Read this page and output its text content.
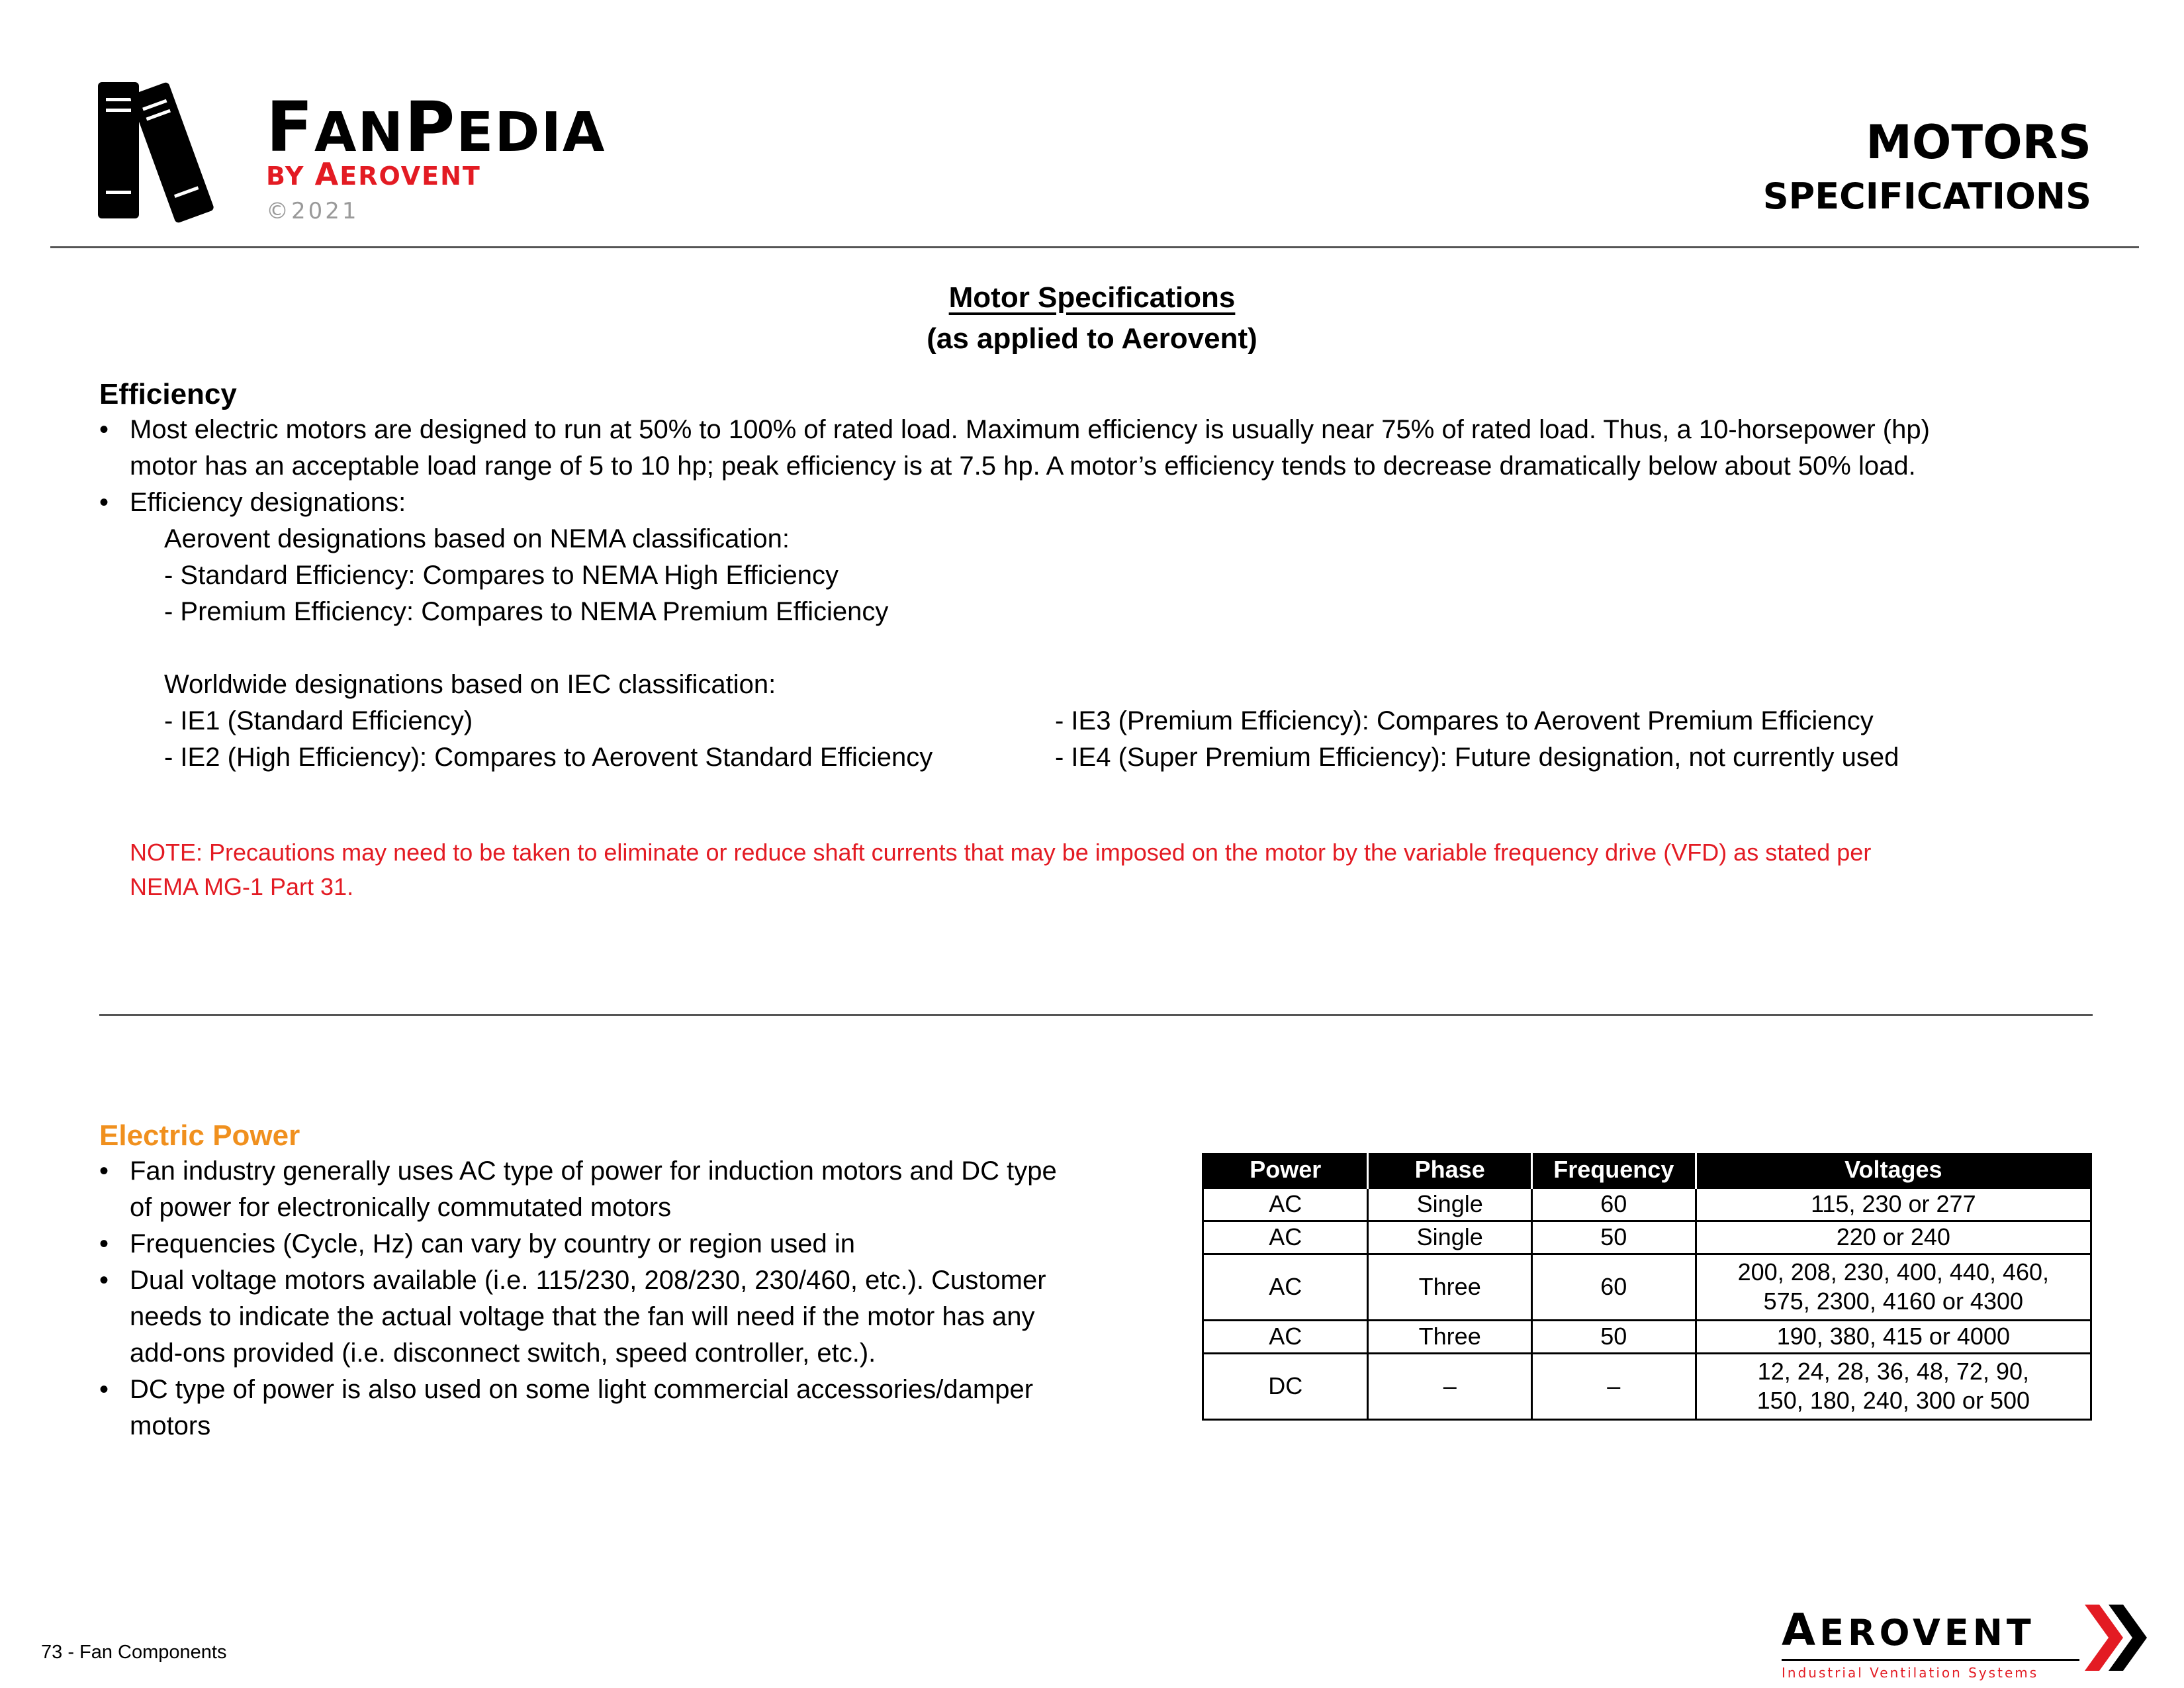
FANPEDIA
BY AEROVENT
©2021
MOTORS
SPECIFICATIONS
Motor Specifications
(as applied to Aerovent)
Efficiency
• Most electric motors are designed to run at 50% to 100% of rated load. Maximum efficiency is usually near 75% of rated load. Thus, a 10-horsepower (hp)
motor has an acceptable load range of 5 to 10 hp; peak efficiency is at 7.5 hp. A motor’s efficiency tends to decrease dramatically below about 50% load.
• Efficiency designations:
Aerovent designations based on NEMA classification:
- Standard Efficiency: Compares to NEMA High Efficiency
- Premium Efficiency: Compares to NEMA Premium Efficiency
Worldwide designations based on IEC classification:
- IE1 (Standard Efficiency)
- IE2 (High Efficiency): Compares to Aerovent Standard Efficiency
- IE3 (Premium Efficiency): Compares to Aerovent Premium Efficiency
- IE4 (Super Premium Efficiency): Future designation, not currently used
NOTE: Precautions may need to be taken to eliminate or reduce shaft currents that may be imposed on the motor by the variable frequency drive (VFD) as stated per
NEMA MG-1 Part 31.
Electric Power
• Fan industry generally uses AC type of power for induction motors and DC type
of power for electronically commutated motors
• Frequencies (Cycle, Hz) can vary by country or region used in
• Dual voltage motors available (i.e. 115/230, 208/230, 230/460, etc.). Customer
needs to indicate the actual voltage that the fan will need if the motor has any
add-ons provided (i.e. disconnect switch, speed controller, etc.).
• DC type of power is also used on some light commercial accessories/damper
motors
Power	Phase	Frequency	Voltages
AC	Single	60	115, 230 or 277

AC	Single	50	220 or 240

AC	Three	60	200, 208, 230, 400, 440, 460,
575, 2300, 4160 or 4300

AC	Three	50	190, 380, 415 or 4000

DC	–	–	12, 24, 28, 36, 48, 72, 90,
150, 180, 240, 300 or 500
73 - Fan Components	AEROVENT
Industrial Ventilation Systems
